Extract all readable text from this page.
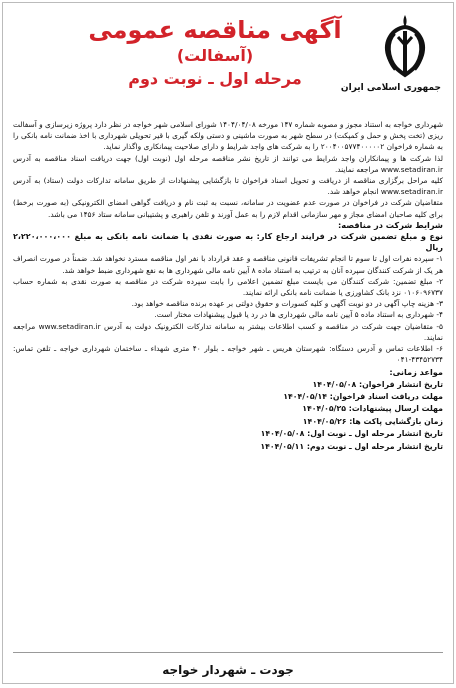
جمهوری اسلامی ایران
آگهی مناقصه عمومی
(آسفالت)
مرحله اول ـ نوبت دوم

شهرداری خواجه به استناد مجوز و مصوبه شماره ۱۴۷ مورخه ۱۴۰۴/۰۴/۰۸ شورای اسلامی شهر خواجه در نظر دارد پروژه زیرسازی و آسفالت ریزی (تخت پخش و حمل و کمپکت) در سطح شهر به صورت ماشینی و دستی ولکه گیری با قیر تحویلی شهرداری با اخذ ضمانت نامه بانکی را به شماره فراخوان ۲۰۰۴۰۰۵۷۷۴۰۰۰۰۰۲ را به شرکت های واجد شرایط و دارای صلاحیت پیمانکاری واگذار نماید.

لذا شرکت ها و پیمانکاران واجد شرایط می توانند از تاریخ نشر مناقصه مرحله اول (نوبت اول) جهت دریافت اسناد مناقصه به آدرس www.setadiran.ir مراجعه نمایند.

کلیه مراحل برگزاری مناقصه از دریافت و تحویل اسناد فراخوان تا بازگشایی پیشنهادات از طریق سامانه تدارکات دولت (ستاد) به آدرس www.setadiran.ir انجام خواهد شد.

متقاضیان شرکت در فراخوان در صورت عدم عضویت در سامانه، نسبت به ثبت نام و دریافت گواهی امضای الکترونیکی (به صورت برخط) برای کلیه صاحبان امضای مجاز و مهر سازمانی اقدام لازم را به عمل آورند و تلفن راهبری و پشتیبانی سامانه ستاد ۱۴۵۶ می باشد.

شرایط شرکت در مناقصه:

نوع و مبلغ تضمین شرکت در فرایند ارجاع کار: به صورت نقدی یا ضمانت نامه بانکی به مبلغ ۲،۲۲۰،۰۰۰،۰۰۰ ریال

۱- سپرده نفرات اول تا سوم تا انجام تشریفات قانونی مناقصه و عقد قرارداد با نفر اول مناقصه مسترد نخواهد شد. ضمناً در صورت انصراف هر یک از شرکت کنندگان سپرده آنان به ترتیب به استناد ماده ۸ آیین نامه مالی شهرداری ها به نفع شهرداری ضبط خواهد شد.

۲- مبلغ تضمین: شرکت کنندگان می بایست مبلغ تضمین اعلامی را بابت سپرده شرکت در مناقصه به صورت نقدی به شماره حساب ۰۱۰۶۰۹۶۷۳۷ نزد بانک کشاورزی یا ضمانت نامه بانکی ارائه نمایند.

۳- هزینه چاپ آگهی در دو نوبت آگهی و کلیه کسورات و حقوق دولتی بر عهده برنده مناقصه خواهد بود.

۴- شهرداری به استناد ماده ۵ آیین نامه مالی شهرداری ها در رد یا قبول پیشنهادات مختار است.

۵- متقاضیان جهت شرکت در مناقصه و کسب اطلاعات بیشتر به سامانه تدارکات الکترونیک دولت به آدرس www.setadiran.ir مراجعه نمایند.

۶- اطلاعات تماس و آدرس دستگاه: شهرستان هریس ـ شهر خواجه ـ بلوار ۴۰ متری شهداء ـ ساختمان شهرداری خواجه ـ تلفن تماس: ۴۳۴۵۲۷۳۴-۰۴۱

مواعد زمانی:

تاریخ انتشار فراخوان: ۱۴۰۴/۰۵/۰۸
مهلت دریافت اسناد فراخوان: ۱۴۰۴/۰۵/۱۴
مهلت ارسال پیشنهادات: ۱۴۰۴/۰۵/۲۵
زمان بازگشایی پاکت ها: ۱۴۰۴/۰۵/۲۶
تاریخ انتشار مرحله اول ـ نوبت اول: ۱۴۰۴/۰۵/۰۸
تاریخ انتشار مرحله اول ـ نوبت دوم: ۱۴۰۴/۰۵/۱۱
جودت ـ شهردار خواجه
